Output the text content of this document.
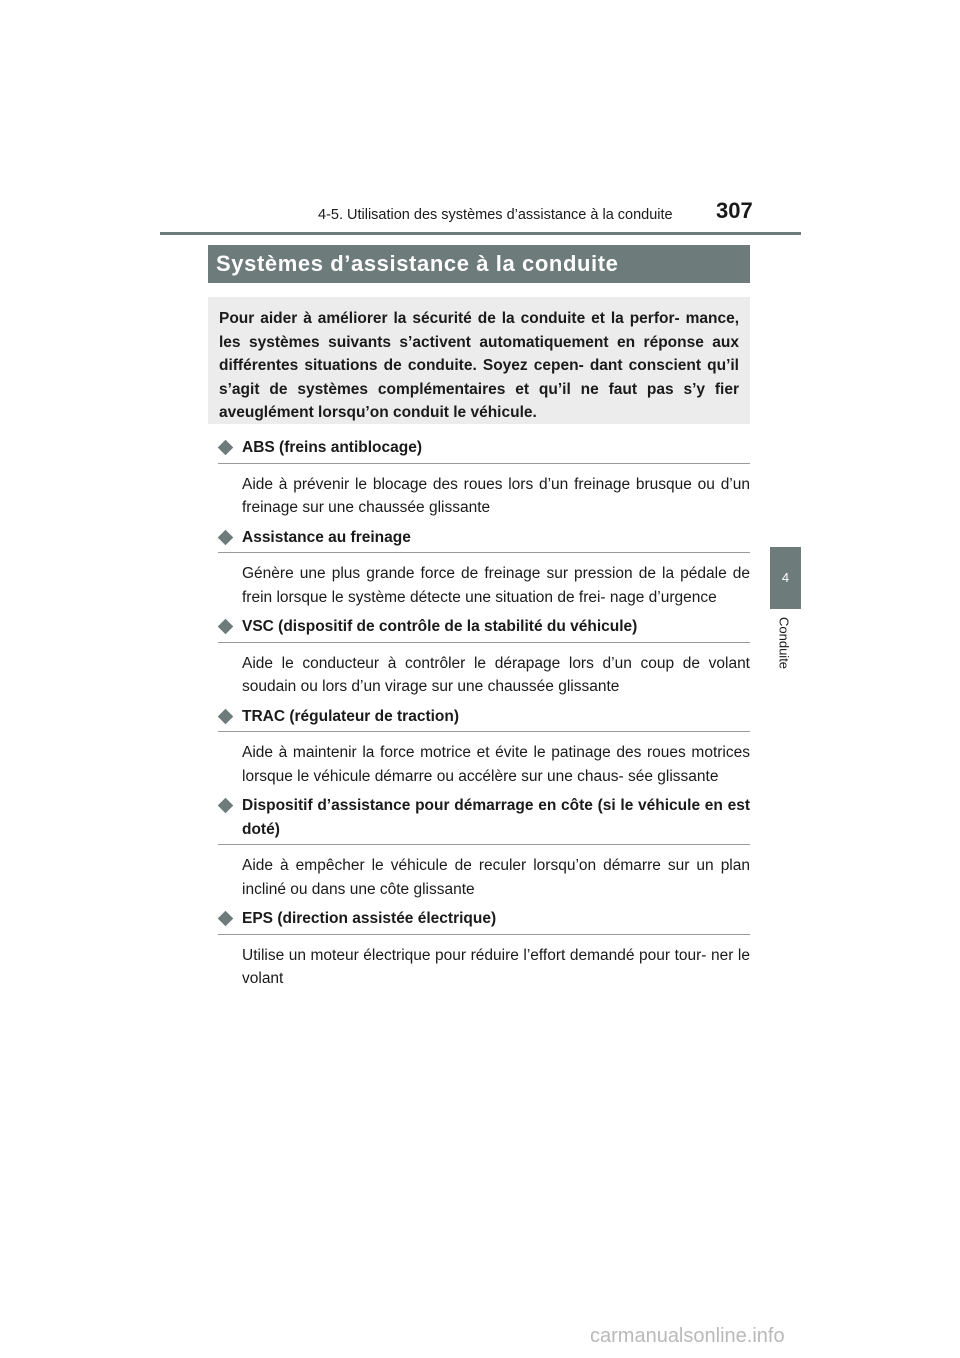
4-5. Utilisation des systèmes d’assistance à la conduite 307
4
Conduite
Systèmes d’assistance à la conduite
Pour aider à améliorer la sécurité de la conduite et la perfor- mance, les systèmes suivants s’activent automatiquement en réponse aux différentes situations de conduite. Soyez cepen- dant conscient qu’il s’agit de systèmes complémentaires et qu’il ne faut pas s’y fier aveuglément lorsqu’on conduit le véhicule.
ABS (freins antiblocage)
Aide à prévenir le blocage des roues lors d’un freinage brusque ou d’un freinage sur une chaussée glissante
Assistance au freinage
Génère une plus grande force de freinage sur pression de la pédale de frein lorsque le système détecte une situation de frei- nage d’urgence
VSC (dispositif de contrôle de la stabilité du véhicule)
Aide le conducteur à contrôler le dérapage lors d’un coup de volant soudain ou lors d’un virage sur une chaussée glissante
TRAC (régulateur de traction)
Aide à maintenir la force motrice et évite le patinage des roues motrices lorsque le véhicule démarre ou accélère sur une chaus- sée glissante
Dispositif d’assistance pour démarrage en côte (si le véhicule en est doté)
Aide à empêcher le véhicule de reculer lorsqu’on démarre sur un plan incliné ou dans une côte glissante
EPS (direction assistée électrique)
Utilise un moteur électrique pour réduire l’effort demandé pour tour- ner le volant
carmanualsonline.info
